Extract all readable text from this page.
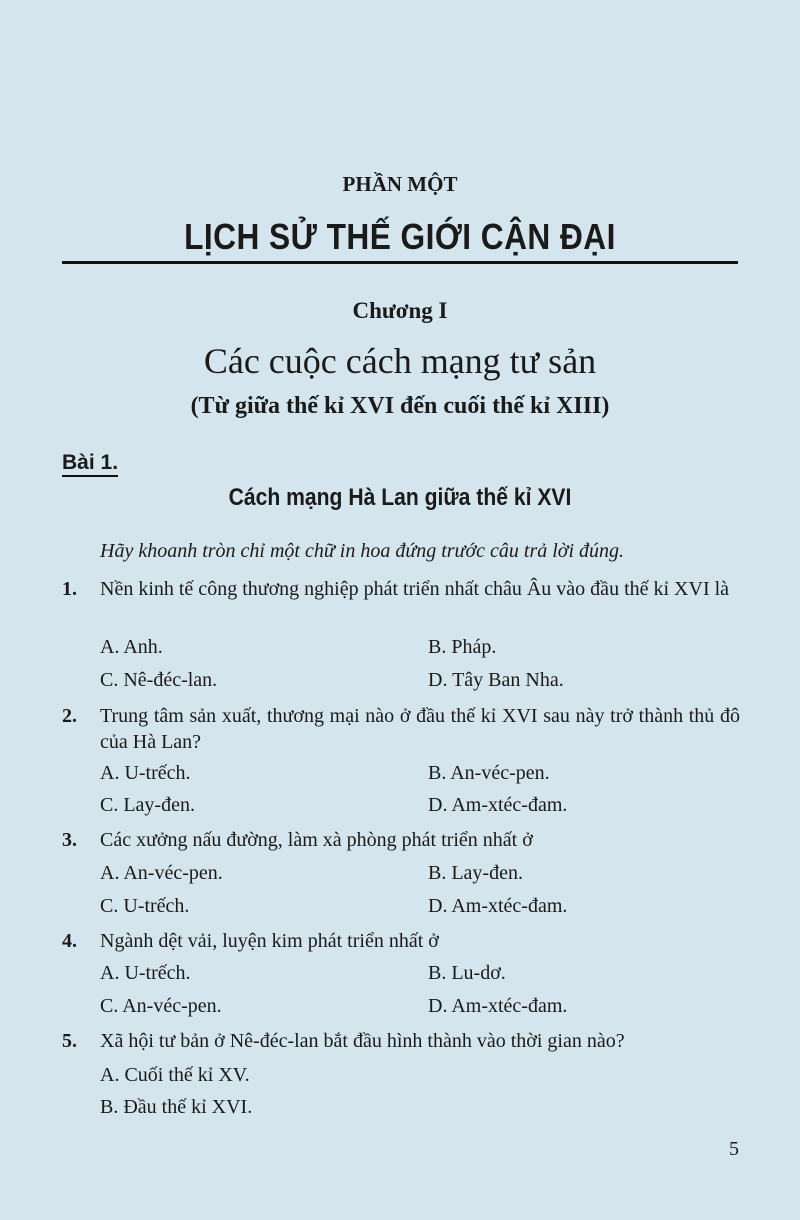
PHẦN MỘT
LỊCH SỬ THẾ GIỚI CẬN ĐẠI
Chương I
Các cuộc cách mạng tư sản
(Từ giữa thế kỉ XVI đến cuối thế kỉ XIII)
Bài 1.
Cách mạng Hà Lan giữa thế kỉ XVI
Hãy khoanh tròn chỉ một chữ in hoa đứng trước câu trả lời đúng.
1. Nền kinh tế công thương nghiệp phát triển nhất châu Âu vào đầu thế kỉ XVI là
A. Anh.	B. Pháp.
C. Nê-đéc-lan.	D. Tây Ban Nha.
2. Trung tâm sản xuất, thương mại nào ở đầu thế kỉ XVI sau này trở thành thủ đô của Hà Lan?
A. U-trếch.	B. An-véc-pen.
C. Lay-đen.	D. Am-xtéc-đam.
3. Các xưởng nấu đường, làm xà phòng phát triển nhất ở
A. An-véc-pen.	B. Lay-đen.
C. U-trếch.	D. Am-xtéc-đam.
4. Ngành dệt vải, luyện kim phát triển nhất ở
A. U-trếch.	B. Lu-dơ.
C. An-véc-pen.	D. Am-xtéc-đam.
5. Xã hội tư bản ở Nê-đéc-lan bắt đầu hình thành vào thời gian nào?
A. Cuối thế kỉ XV.
B. Đầu thế kỉ XVI.
5
